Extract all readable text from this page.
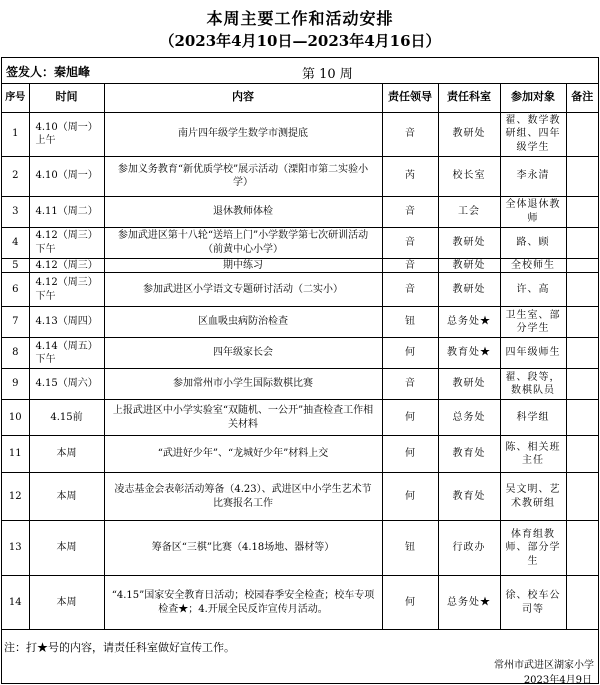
本周主要工作和活动安排
（2023年4月10日—2023年4月16日）
签发人：秦旭峰	第 10 周
序号	时间	内容	责任领导	责任科室	参加对象	备注
1	4.10（周一）上午	南片四年级学生数学市测提底	音	教研处	翟、数学教研组、四年级学生	
2	4.10（周一）	参加义务教育“新优质学校”展示活动（溧阳市第二实验小学）	芮	校长室	李永清	
3	4.11（周二）	退休教师体检	音	工会	全体退休教师	
4	4.12（周三）下午	参加武进区第十八轮“送培上门”小学数学第七次研训活动（前黄中心小学）	音	教研处	路、顾	
5	4.12（周三）	期中练习	音	教研处	全校师生	
6	4.12（周三）下午	参加武进区小学语文专题研讨活动（二实小）	音	教研处	许、高	
7	4.13（周四）	区血吸虫病防治检查	钮	总务处★	卫生室、部分学生	
8	4.14（周五）下午	四年级家长会	何	教育处★	四年级师生	
9	4.15（周六）	参加常州市小学生国际数棋比赛	音	教研处	翟、段等，数棋队员	
10	4.15前	上报武进区中小学实验室“双随机、一公开”抽查检查工作相关材料	何	总务处	科学组	
11	本周	“武进好少年”、“龙城好少年”材料上交	何	教育处	陈、相关班主任	
12	本周	凌志基金会表彰活动筹备（4.23）、武进区中小学生艺术节比赛报名工作	何	教育处	吴文明、艺术教研组	
13	本周	筹备区“三棋”比赛（4.18场地、器材等）	钮	行政办	体育组教师、部分学生	
14	本周	“4.15”国家安全教育日活动；校园春季安全检查；校车专项检查★；4.开展全民反诈宣传月活动。	何	总务处★	徐、校车公司等	
注：打★号的内容，请责任科室做好宣传工作。
常州市武进区湖家小学
2023年4月9日
